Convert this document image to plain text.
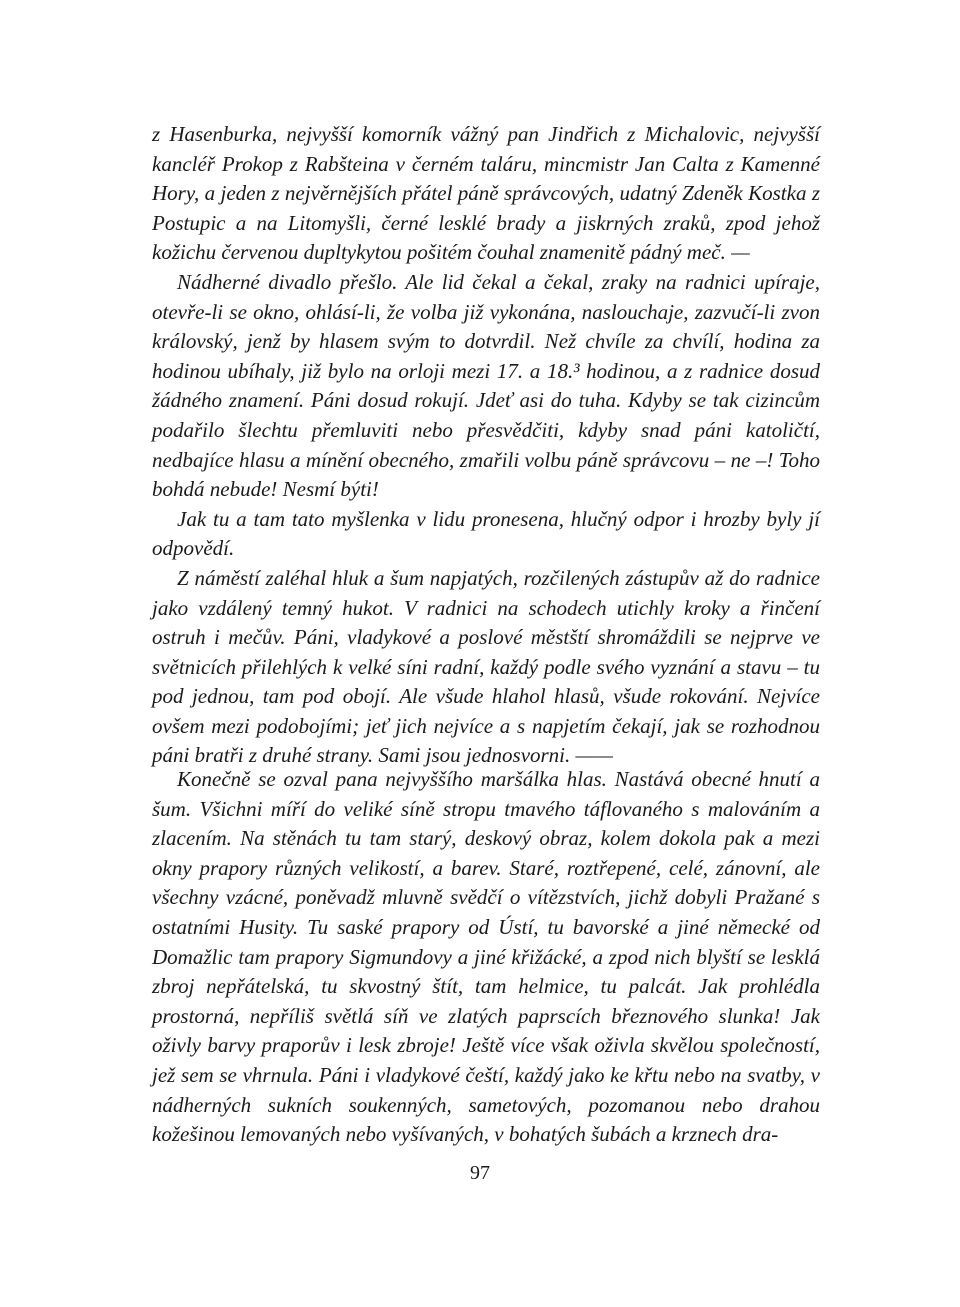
z Hasenburka, nejvyšší komorník vážný pan Jindřich z Michalovic, nejvyšší kancléř Prokop z Rabšteina v černém taláru, mincmistr Jan Calta z Kamenné Hory, a jeden z nejvěrnějších přátel páně správcových, udatný Zdeněk Kostka z Postupic a na Litomyšli, černé lesklé brady a jiskrných zraků, zpod jehož kožichu červenou dupltykytou pošitém čouhal znamenitě pádný meč. —

Nádherné divadlo přešlo. Ale lid čekal a čekal, zraky na radnici upíraje, otevře-li se okno, ohlásí-li, že volba již vykonána, naslouchaje, zazvučí-li zvon královský, jenž by hlasem svým to dotvrdil. Než chvíle za chvílí, hodina za hodinou ubíhaly, již bylo na orloji mezi 17. a 18.³ hodinou, a z radnice dosud žádného znamení. Páni dosud rokují. Jdeť asi do tuha. Kdyby se tak cizincům podařilo šlechtu přemluviti nebo přesvědčiti, kdyby snad páni katoličtí, nedbajíce hlasu a mínění obecného, zmařili volbu páně správcovu – ne –! Toho bohdá nebude! Nesmí býti!

Jak tu a tam tato myšlenka v lidu pronesena, hlučný odpor i hrozby byly jí odpovědí.

Z náměstí zaléhal hluk a šum napjatých, rozčilených zástupův až do radnice jako vzdálený temný hukot. V radnici na schodech utichly kroky a řinčení ostruh i mečův. Páni, vladykové a poslové městští shromáždili se nejprve ve světnicích přilehlých k velké síni radní, každý podle svého vyznání a stavu – tu pod jednou, tam pod obojí. Ale všude hlahol hlasů, všude rokování. Nejvíce ovšem mezi podobojími; jeť jich nejvíce a s napjetím čekají, jak se rozhodnou páni bratři z druhé strany. Sami jsou jednosvorni. ——

Konečně se ozval pana nejvyššího maršálka hlas. Nastává obecné hnutí a šum. Všichni míří do veliké síně stropu tmavého táflovaného s malováním a zlacením. Na stěnách tu tam starý, deskový obraz, kolem dokola pak a mezi okny prapory různých velikostí, a barev. Staré, roztřepené, celé, zánovní, ale všechny vzácné, poněvadž mluvně svědčí o vítězstvích, jichž dobyli Pražané s ostatními Husity. Tu saské prapory od Ústí, tu bavorské a jiné německé od Domažlic tam prapory Sigmundovy a jiné křižácké, a zpod nich blyští se lesklá zbroj nepřátelská, tu skvostný štít, tam helmice, tu palcát. Jak prohlédla prostorná, nepříliš světlá síň ve zlatých paprscích březnového slunka! Jak oživly barvy praporův i lesk zbroje! Ještě více však oživla skvělou společností, jež sem se vhrnula. Páni i vladykové čeští, každý jako ke křtu nebo na svatby, v nádherných sukních soukenných, sametových, pozomanou nebo drahou kožešinou lemovaných nebo vyšívaných, v bohatých šubách a krznech dra-

97
